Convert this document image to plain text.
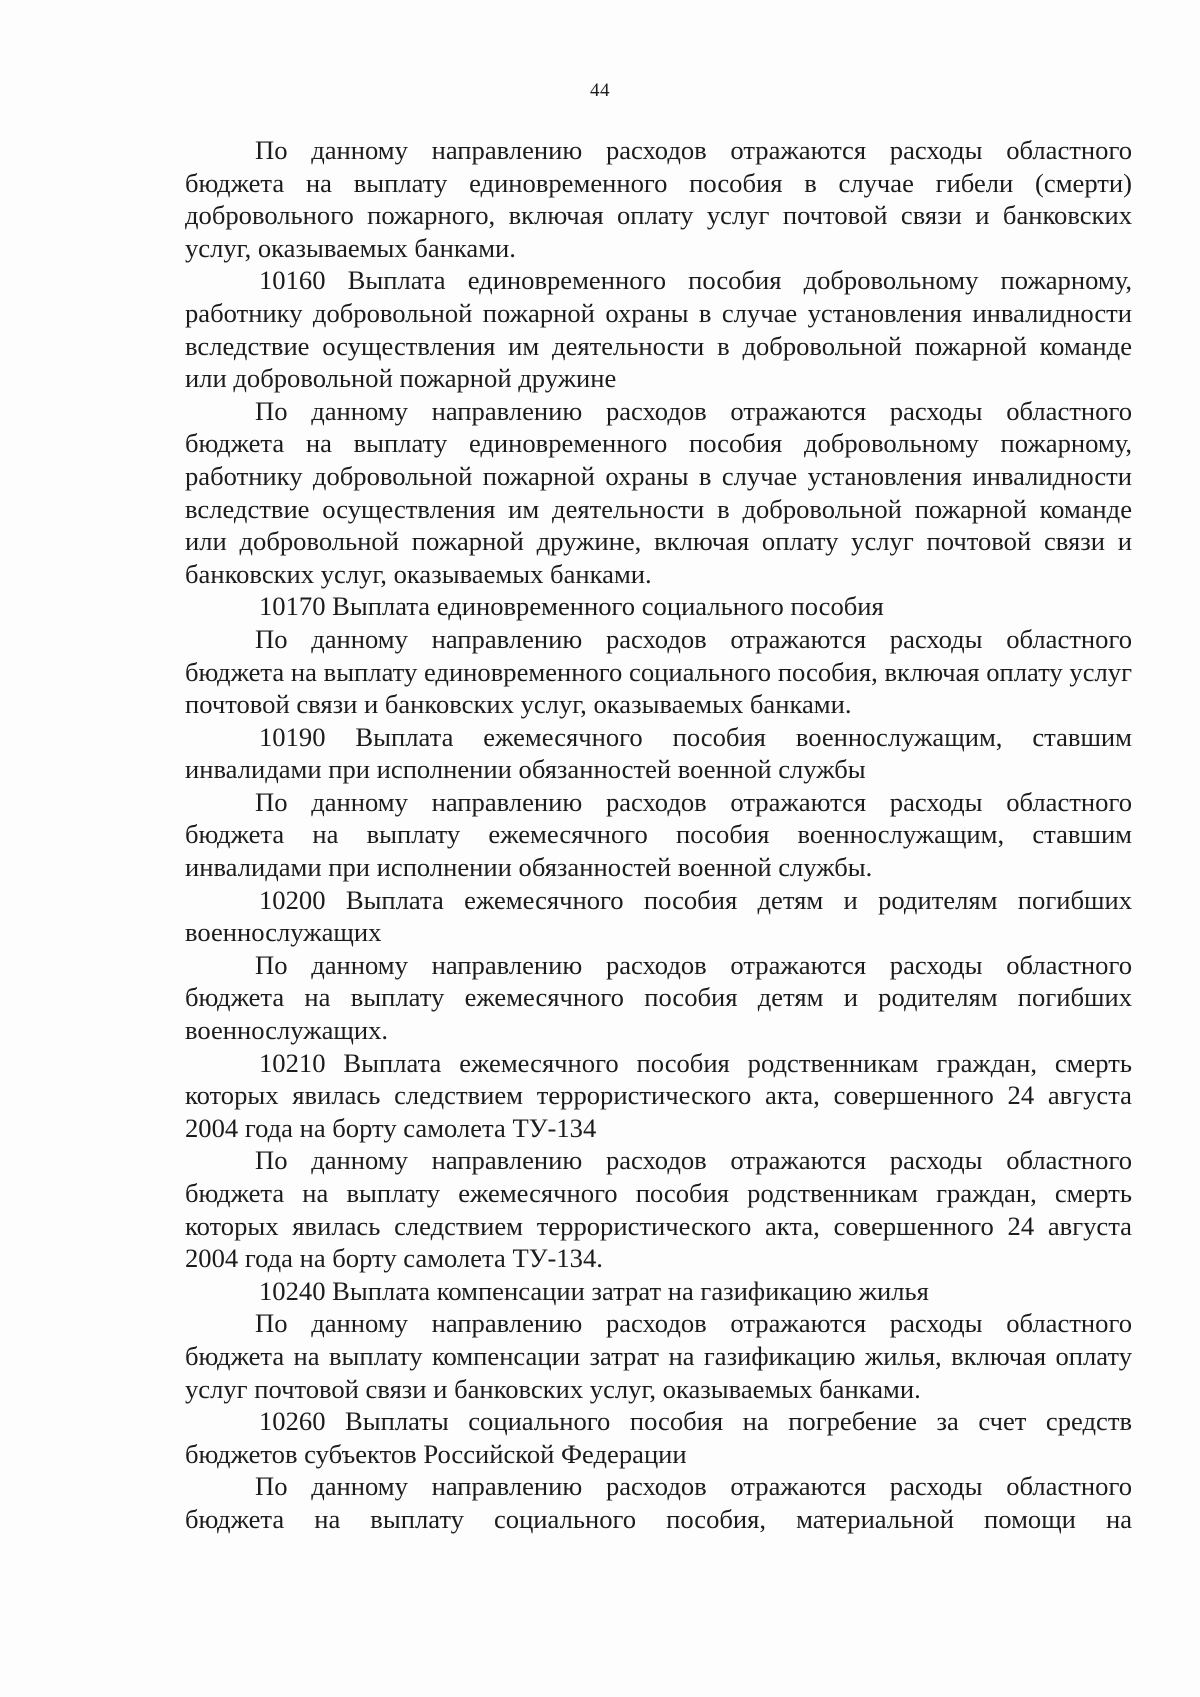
44

По данному направлению расходов отражаются расходы областного бюджета на выплату единовременного пособия в случае гибели (смерти) добровольного пожарного, включая оплату услуг почтовой связи и банковских услуг, оказываемых банками.

10160 Выплата единовременного пособия добровольному пожарному, работнику добровольной пожарной охраны в случае установления инвалидности вследствие осуществления им деятельности в добровольной пожарной команде или добровольной пожарной дружине

По данному направлению расходов отражаются расходы областного бюджета на выплату единовременного пособия добровольному пожарному, работнику добровольной пожарной охраны в случае установления инвалидности вследствие осуществления им деятельности в добровольной пожарной команде или добровольной пожарной дружине, включая оплату услуг почтовой связи и банковских услуг, оказываемых банками.

10170 Выплата единовременного социального пособия

По данному направлению расходов отражаются расходы областного бюджета на выплату единовременного социального пособия, включая оплату услуг почтовой связи и банковских услуг, оказываемых банками.

10190 Выплата ежемесячного пособия военнослужащим, ставшим инвалидами при исполнении обязанностей военной службы

По данному направлению расходов отражаются расходы областного бюджета на выплату ежемесячного пособия военнослужащим, ставшим инвалидами при исполнении обязанностей военной службы.

10200 Выплата ежемесячного пособия детям и родителям погибших военнослужащих

По данному направлению расходов отражаются расходы областного бюджета на выплату ежемесячного пособия детям и родителям погибших военнослужащих.

10210 Выплата ежемесячного пособия родственникам граждан, смерть которых явилась следствием террористического акта, совершенного 24 августа 2004 года на борту самолета ТУ-134

По данному направлению расходов отражаются расходы областного бюджета на выплату ежемесячного пособия родственникам граждан, смерть которых явилась следствием террористического акта, совершенного 24 августа 2004 года на борту самолета ТУ-134.

10240 Выплата компенсации затрат на газификацию жилья

По данному направлению расходов отражаются расходы областного бюджета на выплату компенсации затрат на газификацию жилья, включая оплату услуг почтовой связи и банковских услуг, оказываемых банками.

10260 Выплаты социального пособия на погребение за счет средств бюджетов субъектов Российской Федерации

По данному направлению расходов отражаются расходы областного бюджета на выплату социального пособия, материальной помощи на
